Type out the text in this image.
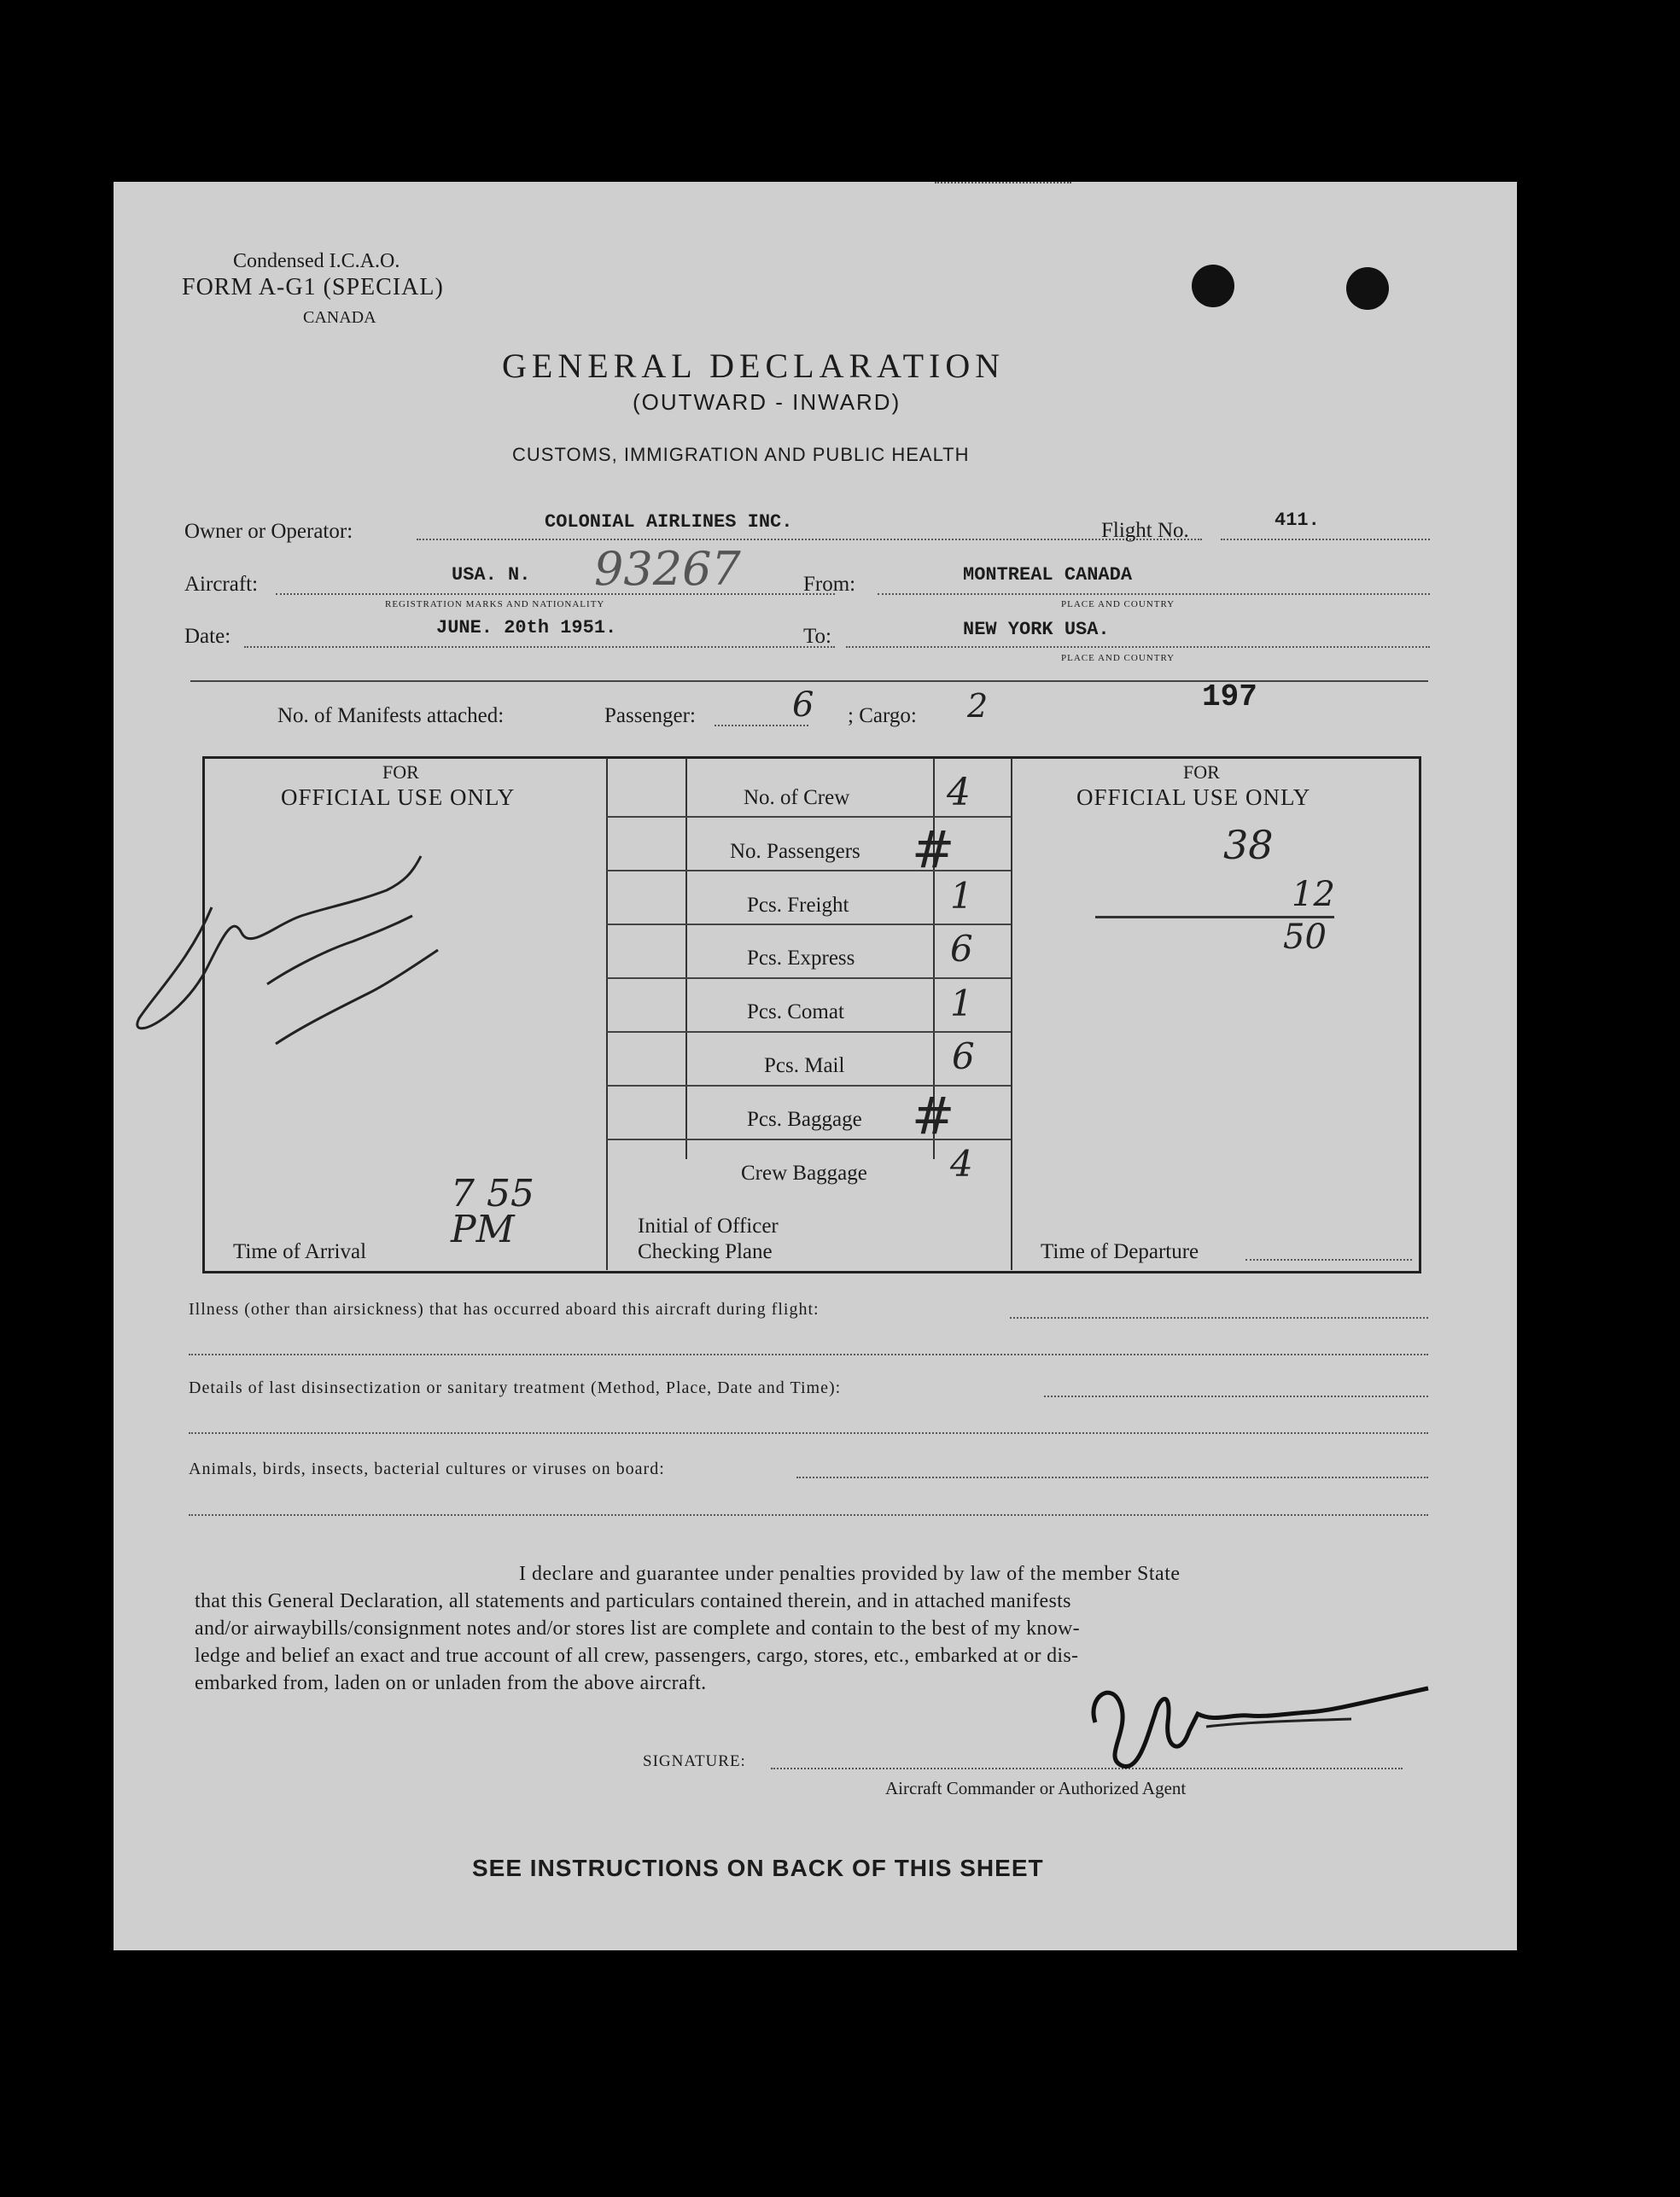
Condensed I.C.A.O.
FORM A-G1 (SPECIAL)
CANADA
GENERAL DECLARATION
(OUTWARD - INWARD)
CUSTOMS, IMMIGRATION AND PUBLIC HEALTH
Owner or Operator:	COLONIAL AIRLINES INC.	Flight No.	411.
Aircraft:	USA. N. 93267
REGISTRATION MARKS AND NATIONALITY
From:	MONTREAL CANADA
PLACE AND COUNTRY
Date:	JUNE. 20th 1951.	To:	NEW YORK USA.
PLACE AND COUNTRY
197
No. of Manifests attached:	Passenger:	6 ; Cargo: 2
FOR
OFFICIAL USE ONLY
FOR
OFFICIAL USE ONLY
No. of Crew	4
No. Passengers #
Pcs. Freight	1
Pcs. Express	6
Pcs. Comat	1
Pcs. Mail	6
Pcs. Baggage #
Crew Baggage 4
Time of Arrival
7 55 PM	Initial of Officer
Checking Plane	Time of Departure
38
12
50
Illness (other than airsickness) that has occurred aboard this aircraft during flight:
Details of last disinsectization or sanitary treatment (Method, Place, Date and Time):
Animals, birds, insects, bacterial cultures or viruses on board:
I declare and guarantee under penalties provided by law of the member State
that this General Declaration, all statements and particulars contained therein, and in attached manifests
and/or airwaybills/consignment notes and/or stores list are complete and contain to the best of my know-
ledge and belief an exact and true account of all crew, passengers, cargo, stores, etc., embarked at or dis-
embarked from, laden on or unladen from the above aircraft.
SIGNATURE:
Aircraft Commander or Authorized Agent
SEE INSTRUCTIONS ON BACK OF THIS SHEET
